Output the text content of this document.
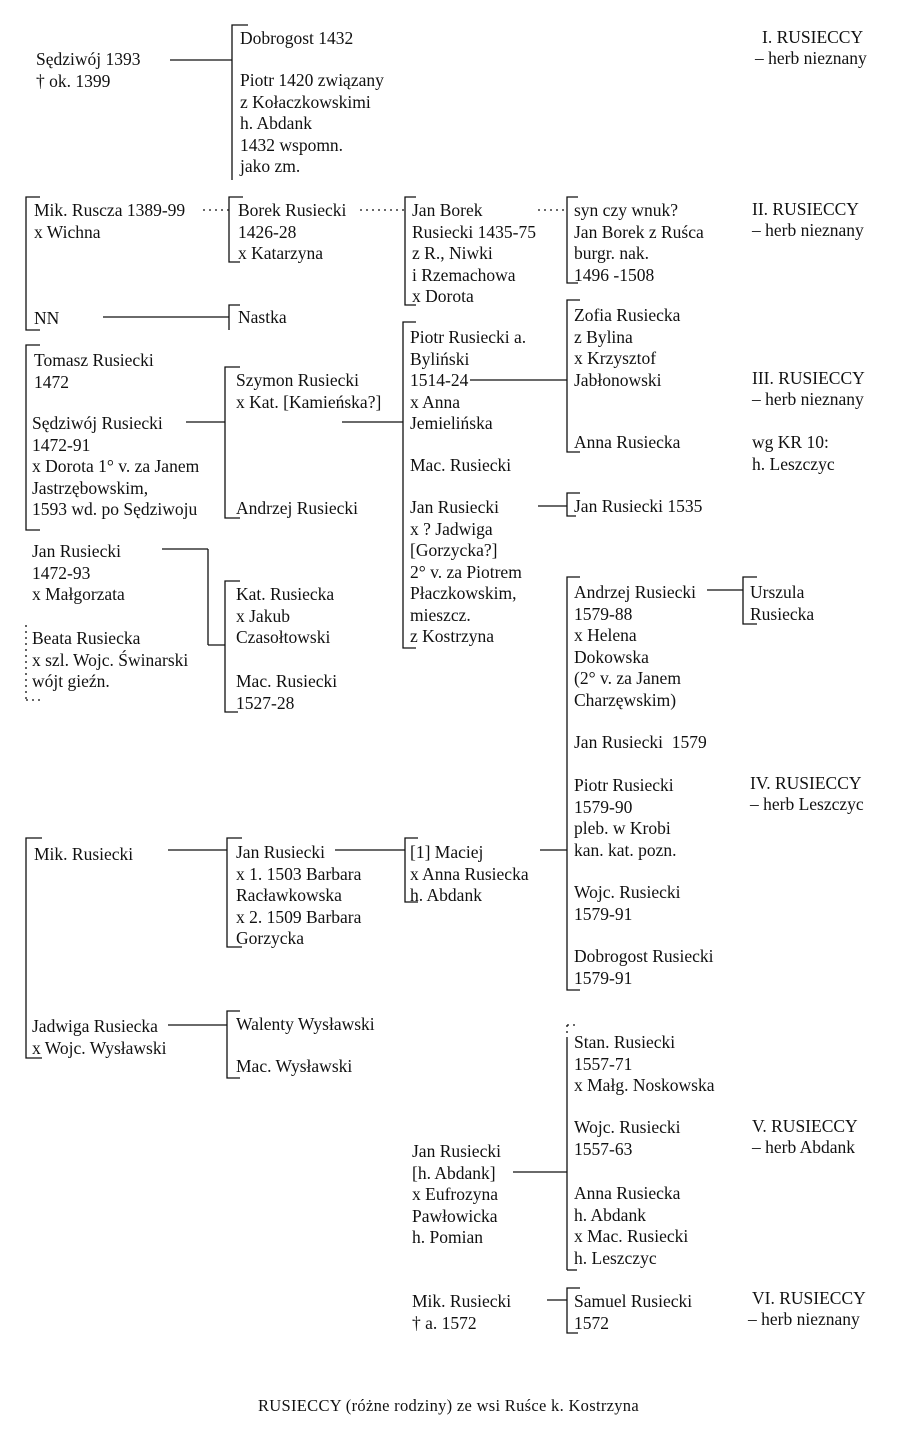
I. RUSIECCY
– herb nieznany
II. RUSIECCY
– herb nieznany
III. RUSIECCY
– herb nieznany
wg KR 10:
h. Leszczyc
IV. RUSIECCY
– herb Leszczyc
V. RUSIECCY
– herb Abdank
VI. RUSIECCY
– herb nieznany
Sędziwój 1393
† ok. 1399
Dobrogost 1432
Piotr 1420 związany
z Kołaczkowskimi
h. Abdank
1432 wspomn.
jako zm.
Mik. Ruscza 1389-99
x Wichna
Borek Rusiecki
1426-28
x Katarzyna
Jan Borek
Rusiecki 1435-75
z R., Niwki
i Rzemachowa
x Dorota
syn czy wnuk?
Jan Borek z Ruśca
burgr. nak.
1496 -1508
NN	Nastka
Tomasz Rusiecki
1472
Sędziwój Rusiecki
1472-91
x Dorota 1° v. za Janem
Jastrzębowskim,
1593 wd. po Sędziwoju
Jan Rusiecki
1472-93
x Małgorzata
Beata Rusiecka
x szl. Wojc. Świnarski
wójt gieźn.
Szymon Rusiecki
x Kat. [Kamieńska?]
Andrzej Rusiecki
Kat. Rusiecka
x Jakub
Czasołtowski
Mac. Rusiecki
1527-28
Piotr Rusiecki a.
Byliński
1514-24
x Anna
Jemielińska
Mac. Rusiecki
Jan Rusiecki
x ? Jadwiga
[Gorzycka?]
2° v. za Piotrem
Płaczkowskim,
mieszcz.
z Kostrzyna
Zofia Rusiecka
z Bylina
x Krzysztof
Jabłonowski
Anna Rusiecka
Jan Rusiecki 1535
Andrzej Rusiecki
1579-88
x Helena
Dokowska
(2° v. za Janem
Charzęwskim)
Urszula
Rusiecka
Jan Rusiecki  1579
Piotr Rusiecki
1579-90
pleb. w Krobi
kan. kat. pozn.
Wojc. Rusiecki
1579-91
Dobrogost Rusiecki
1579-91
Mik. Rusiecki	Jan Rusiecki
x 1. 1503 Barbara
Racławkowska
x 2. 1509 Barbara
Gorzycka
[1] Maciej
x Anna Rusiecka
h. Abdank
Jadwiga Rusiecka
x Wojc. Wysławski
Walenty Wysławski
Mac. Wysławski
Stan. Rusiecki
1557-71
x Małg. Noskowska
Wojc. Rusiecki
1557-63
Anna Rusiecka
h. Abdank
x Mac. Rusiecki
h. Leszczyc
Jan Rusiecki
[h. Abdank]
x Eufrozyna
Pawłowicka
h. Pomian
Mik. Rusiecki
† a. 1572
Samuel Rusiecki
1572
RUSIECCY (różne rodziny) ze wsi Ruśce k. Kostrzyna
